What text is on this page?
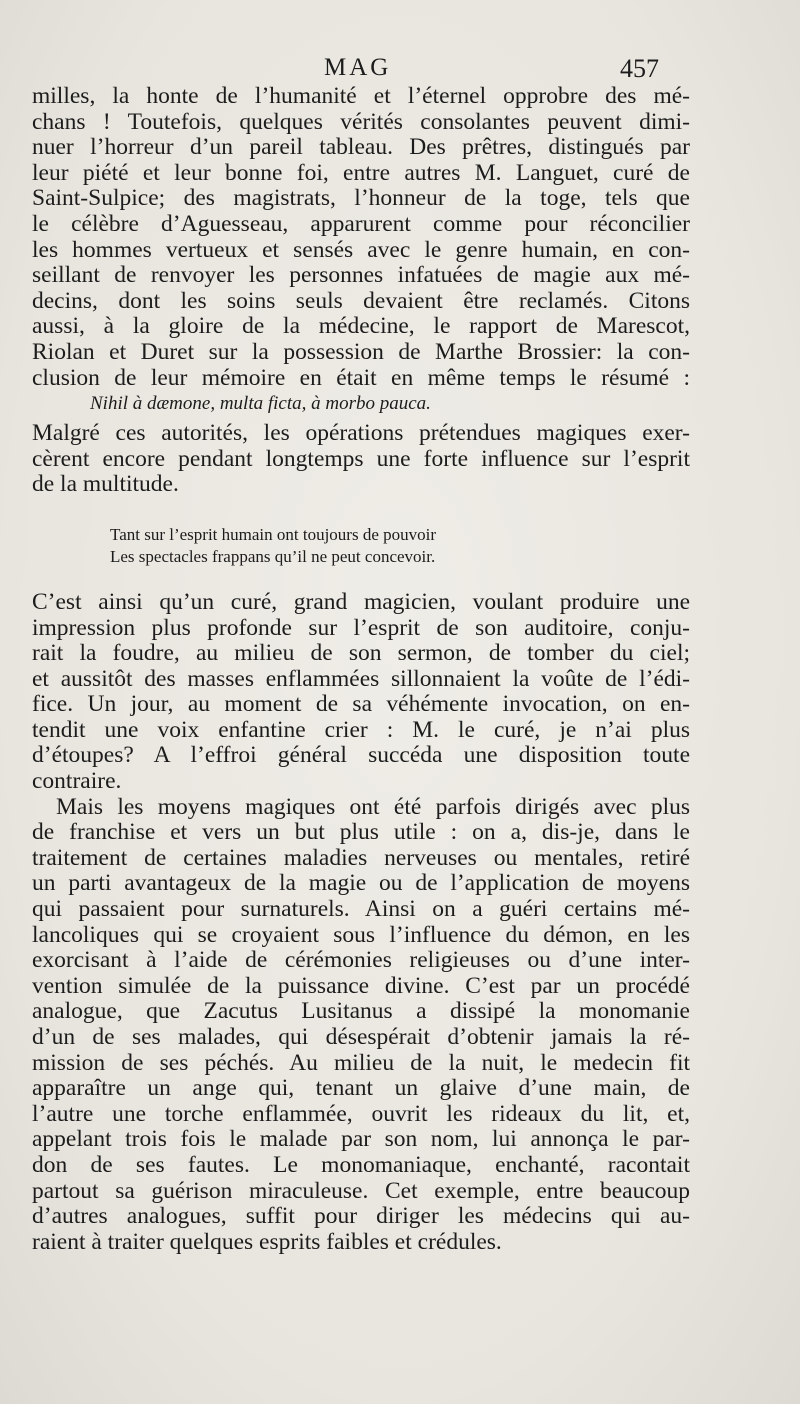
MAG	457
milles, la honte de l’humanité et l’éternel opprobre des mé-
chans ! Toutefois, quelques vérités consolantes peuvent dimi-
nuer l’horreur d’un pareil tableau. Des prêtres, distingués par
leur piété et leur bonne foi, entre autres M. Languet, curé de
Saint-Sulpice; des magistrats, l’honneur de la toge, tels que
le célèbre d’Aguesseau, apparurent comme pour réconcilier
les hommes vertueux et sensés avec le genre humain, en con-
seillant de renvoyer les personnes infatuées de magie aux mé-
decins, dont les soins seuls devaient être reclamés. Citons
aussi, à la gloire de la médecine, le rapport de Marescot,
Riolan et Duret sur la possession de Marthe Brossier: la con-
clusion de leur mémoire en était en même temps le résumé :
Nihil à dæmone, multa ficta, à morbo pauca.
Malgré ces autorités, les opérations prétendues magiques exer-
cèrent encore pendant longtemps une forte influence sur l’esprit
de la multitude.
Tant sur l’esprit humain ont toujours de pouvoir
Les spectacles frappans qu’il ne peut concevoir.
C’est ainsi qu’un curé, grand magicien, voulant produire une
impression plus profonde sur l’esprit de son auditoire, conju-
rait la foudre, au milieu de son sermon, de tomber du ciel;
et aussitôt des masses enflammées sillonnaient la voûte de l’édi-
fice. Un jour, au moment de sa véhémente invocation, on en-
tendit une voix enfantine crier : M. le curé, je n’ai plus
d’étoupes? A l’effroi général succéda une disposition toute
contraire.
Mais les moyens magiques ont été parfois dirigés avec plus
de franchise et vers un but plus utile : on a, dis-je, dans le
traitement de certaines maladies nerveuses ou mentales, retiré
un parti avantageux de la magie ou de l’application de moyens
qui passaient pour surnaturels. Ainsi on a guéri certains mé-
lancoliques qui se croyaient sous l’influence du démon, en les
exorcisant à l’aide de cérémonies religieuses ou d’une inter-
vention simulée de la puissance divine. C’est par un procédé
analogue, que Zacutus Lusitanus a dissipé la monomanie
d’un de ses malades, qui désespérait d’obtenir jamais la ré-
mission de ses péchés. Au milieu de la nuit, le medecin fit
apparaître un ange qui, tenant un glaive d’une main, de
l’autre une torche enflammée, ouvrit les rideaux du lit, et,
appelant trois fois le malade par son nom, lui annonça le par-
don de ses fautes. Le monomaniaque, enchanté, racontait
partout sa guérison miraculeuse. Cet exemple, entre beaucoup
d’autres analogues, suffit pour diriger les médecins qui au-
raient à traiter quelques esprits faibles et crédules.
